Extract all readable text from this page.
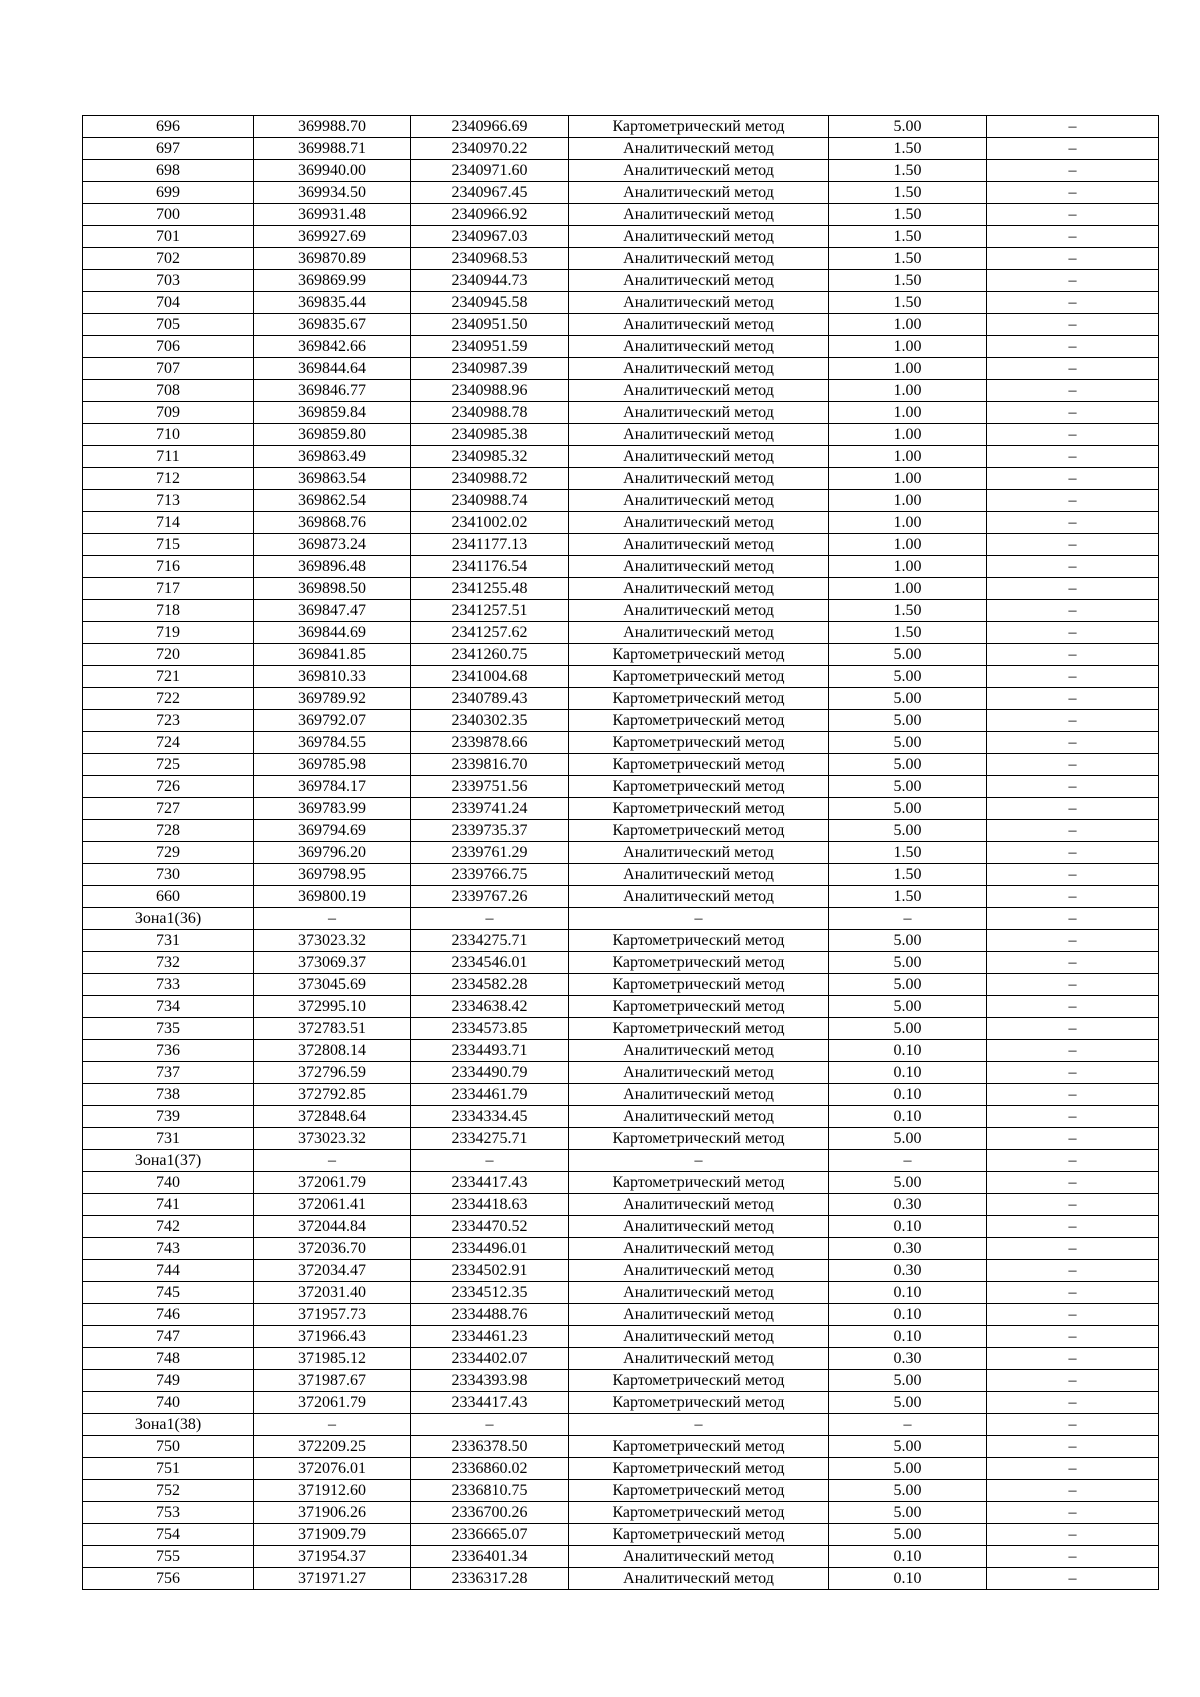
696	369988.70	2340966.69	Картометрический метод	5.00	–
697	369988.71	2340970.22	Аналитический метод	1.50	–
698	369940.00	2340971.60	Аналитический метод	1.50	–
699	369934.50	2340967.45	Аналитический метод	1.50	–
700	369931.48	2340966.92	Аналитический метод	1.50	–
701	369927.69	2340967.03	Аналитический метод	1.50	–
702	369870.89	2340968.53	Аналитический метод	1.50	–
703	369869.99	2340944.73	Аналитический метод	1.50	–
704	369835.44	2340945.58	Аналитический метод	1.50	–
705	369835.67	2340951.50	Аналитический метод	1.00	–
706	369842.66	2340951.59	Аналитический метод	1.00	–
707	369844.64	2340987.39	Аналитический метод	1.00	–
708	369846.77	2340988.96	Аналитический метод	1.00	–
709	369859.84	2340988.78	Аналитический метод	1.00	–
710	369859.80	2340985.38	Аналитический метод	1.00	–
711	369863.49	2340985.32	Аналитический метод	1.00	–
712	369863.54	2340988.72	Аналитический метод	1.00	–
713	369862.54	2340988.74	Аналитический метод	1.00	–
714	369868.76	2341002.02	Аналитический метод	1.00	–
715	369873.24	2341177.13	Аналитический метод	1.00	–
716	369896.48	2341176.54	Аналитический метод	1.00	–
717	369898.50	2341255.48	Аналитический метод	1.00	–
718	369847.47	2341257.51	Аналитический метод	1.50	–
719	369844.69	2341257.62	Аналитический метод	1.50	–
720	369841.85	2341260.75	Картометрический метод	5.00	–
721	369810.33	2341004.68	Картометрический метод	5.00	–
722	369789.92	2340789.43	Картометрический метод	5.00	–
723	369792.07	2340302.35	Картометрический метод	5.00	–
724	369784.55	2339878.66	Картометрический метод	5.00	–
725	369785.98	2339816.70	Картометрический метод	5.00	–
726	369784.17	2339751.56	Картометрический метод	5.00	–
727	369783.99	2339741.24	Картометрический метод	5.00	–
728	369794.69	2339735.37	Картометрический метод	5.00	–
729	369796.20	2339761.29	Аналитический метод	1.50	–
730	369798.95	2339766.75	Аналитический метод	1.50	–
660	369800.19	2339767.26	Аналитический метод	1.50	–
Зона1(36)	–	–	–	–	–
731	373023.32	2334275.71	Картометрический метод	5.00	–
732	373069.37	2334546.01	Картометрический метод	5.00	–
733	373045.69	2334582.28	Картометрический метод	5.00	–
734	372995.10	2334638.42	Картометрический метод	5.00	–
735	372783.51	2334573.85	Картометрический метод	5.00	–
736	372808.14	2334493.71	Аналитический метод	0.10	–
737	372796.59	2334490.79	Аналитический метод	0.10	–
738	372792.85	2334461.79	Аналитический метод	0.10	–
739	372848.64	2334334.45	Аналитический метод	0.10	–
731	373023.32	2334275.71	Картометрический метод	5.00	–
Зона1(37)	–	–	–	–	–
740	372061.79	2334417.43	Картометрический метод	5.00	–
741	372061.41	2334418.63	Аналитический метод	0.30	–
742	372044.84	2334470.52	Аналитический метод	0.10	–
743	372036.70	2334496.01	Аналитический метод	0.30	–
744	372034.47	2334502.91	Аналитический метод	0.30	–
745	372031.40	2334512.35	Аналитический метод	0.10	–
746	371957.73	2334488.76	Аналитический метод	0.10	–
747	371966.43	2334461.23	Аналитический метод	0.10	–
748	371985.12	2334402.07	Аналитический метод	0.30	–
749	371987.67	2334393.98	Картометрический метод	5.00	–
740	372061.79	2334417.43	Картометрический метод	5.00	–
Зона1(38)	–	–	–	–	–
750	372209.25	2336378.50	Картометрический метод	5.00	–
751	372076.01	2336860.02	Картометрический метод	5.00	–
752	371912.60	2336810.75	Картометрический метод	5.00	–
753	371906.26	2336700.26	Картометрический метод	5.00	–
754	371909.79	2336665.07	Картометрический метод	5.00	–
755	371954.37	2336401.34	Аналитический метод	0.10	–
756	371971.27	2336317.28	Аналитический метод	0.10	–
